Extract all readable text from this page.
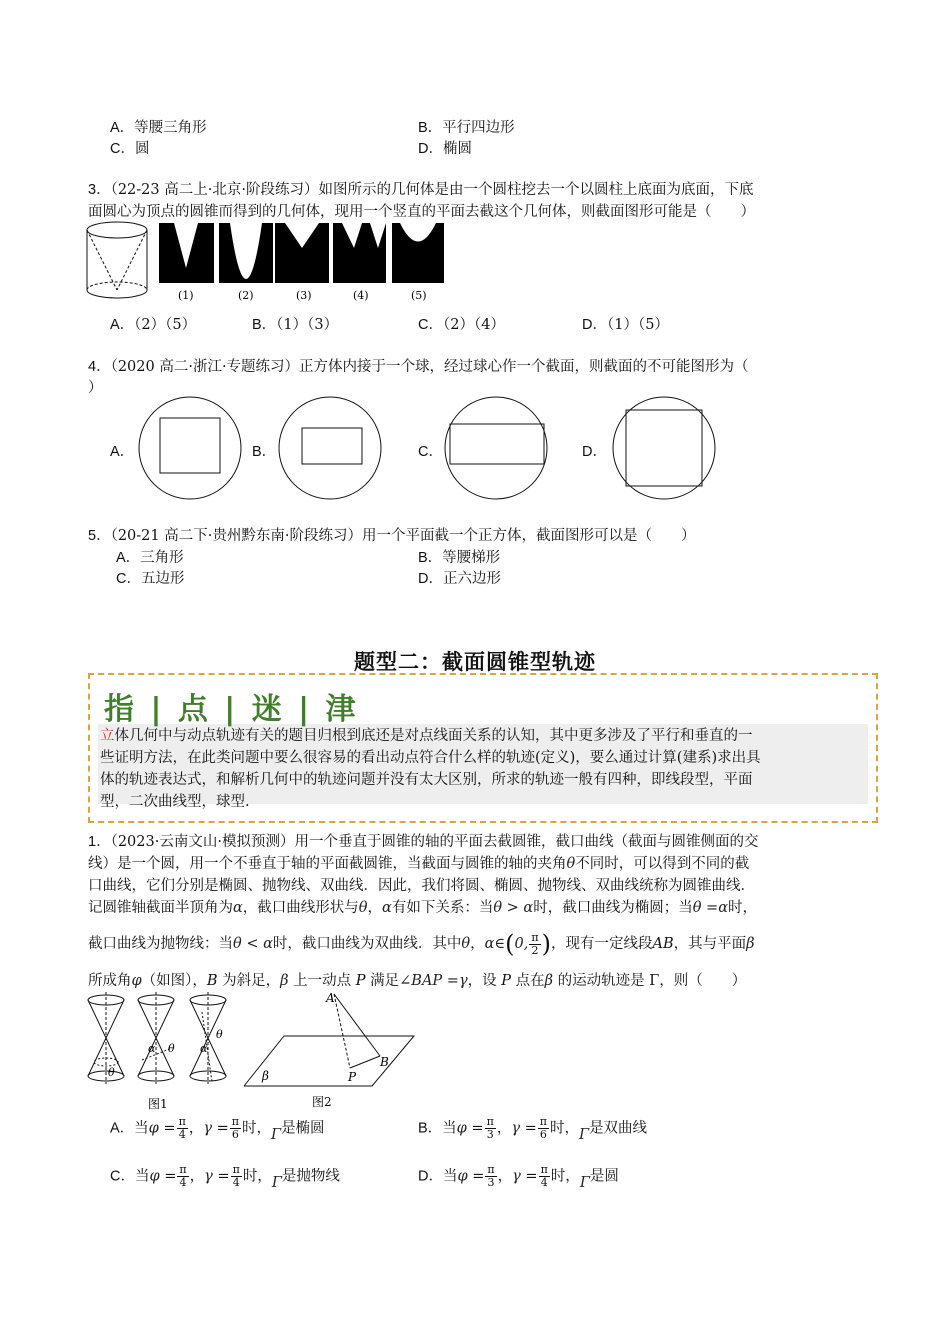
A．等腰三角形	B．平行四边形
C．圆	D．椭圆
3．（22-23 高二上·北京·阶段练习）如图所示的几何体是由一个圆柱挖去一个以圆柱上底面为底面，下底
面圆心为顶点的圆锥而得到的几何体，现用一个竖直的平面去截这个几何体，则截面图形可能是（　　）
(1)	(2)	(3)	(4)	(5)
A．（2）（5）	B．（1）（3）	C．（2）（4）	D．（1）（5）
4．（2020 高二·浙江·专题练习）正方体内接于一个球，经过球心作一个截面，则截面的不可能图形为（
）
A．	B．	C．	D．
5．（20-21 高二下·贵州黔东南·阶段练习）用一个平面截一个正方体，截面图形可以是（　　）
A．三角形	B．等腰梯形
C．五边形	D．正六边形
题型二：截面圆锥型轨迹
指 | 点 | 迷 | 津
立体几何中与动点轨迹有关的题目归根到底还是对点线面关系的认知，其中更多涉及了平行和垂直的一
些证明方法，在此类问题中要么很容易的看出动点符合什么样的轨迹(定义)，要么通过计算(建系)求出具
体的轨迹表达式，和解析几何中的轨迹问题并没有太大区别，所求的轨迹一般有四种，即线段型，平面
型，二次曲线型，球型.
1．（2023·云南文山·模拟预测）用一个垂直于圆锥的轴的平面去截圆锥，截口曲线（截面与圆锥侧面的交
线）是一个圆，用一个不垂直于轴的平面截圆锥，当截面与圆锥的轴的夹角θ不同时，可以得到不同的截
口曲线，它们分别是椭圆、抛物线、双曲线．因此，我们将圆、椭圆、抛物线、双曲线统称为圆锥曲线．
记圆锥轴截面半顶角为α，截口曲线形状与θ，α有如下关系：当θ > α时，截口曲线为椭圆；当θ =α时，
截口曲线为抛物线：当θ < α时，截口曲线为双曲线．其中θ，α∈(0, $\frac{\pi}{2}$ )，现有一定线段AB，其与平面β
所成角φ（如图），B 为斜足，β 上一动点 P 满足∠BAP =γ，设 P 点在β 的运动轨迹是 Γ，则（　　）
θ
θ
α
θ
α
图1
A
B
P
β
图2
A．当$\varphi = \frac{\pi}{4}$ ，$\gamma = \frac{\pi}{6}$ 时，Γ是椭圆	B．当$\varphi = \frac{\pi}{3}$ ，$\gamma = \frac{\pi}{6}$ 时，Γ是双曲线
C．当$\varphi = \frac{\pi}{4}$ ，$\gamma = \frac{\pi}{4}$ 时，Γ是抛物线	D．当$\varphi = \frac{\pi}{3}$ ，$\gamma = \frac{\pi}{4}$ 时，Γ是圆
